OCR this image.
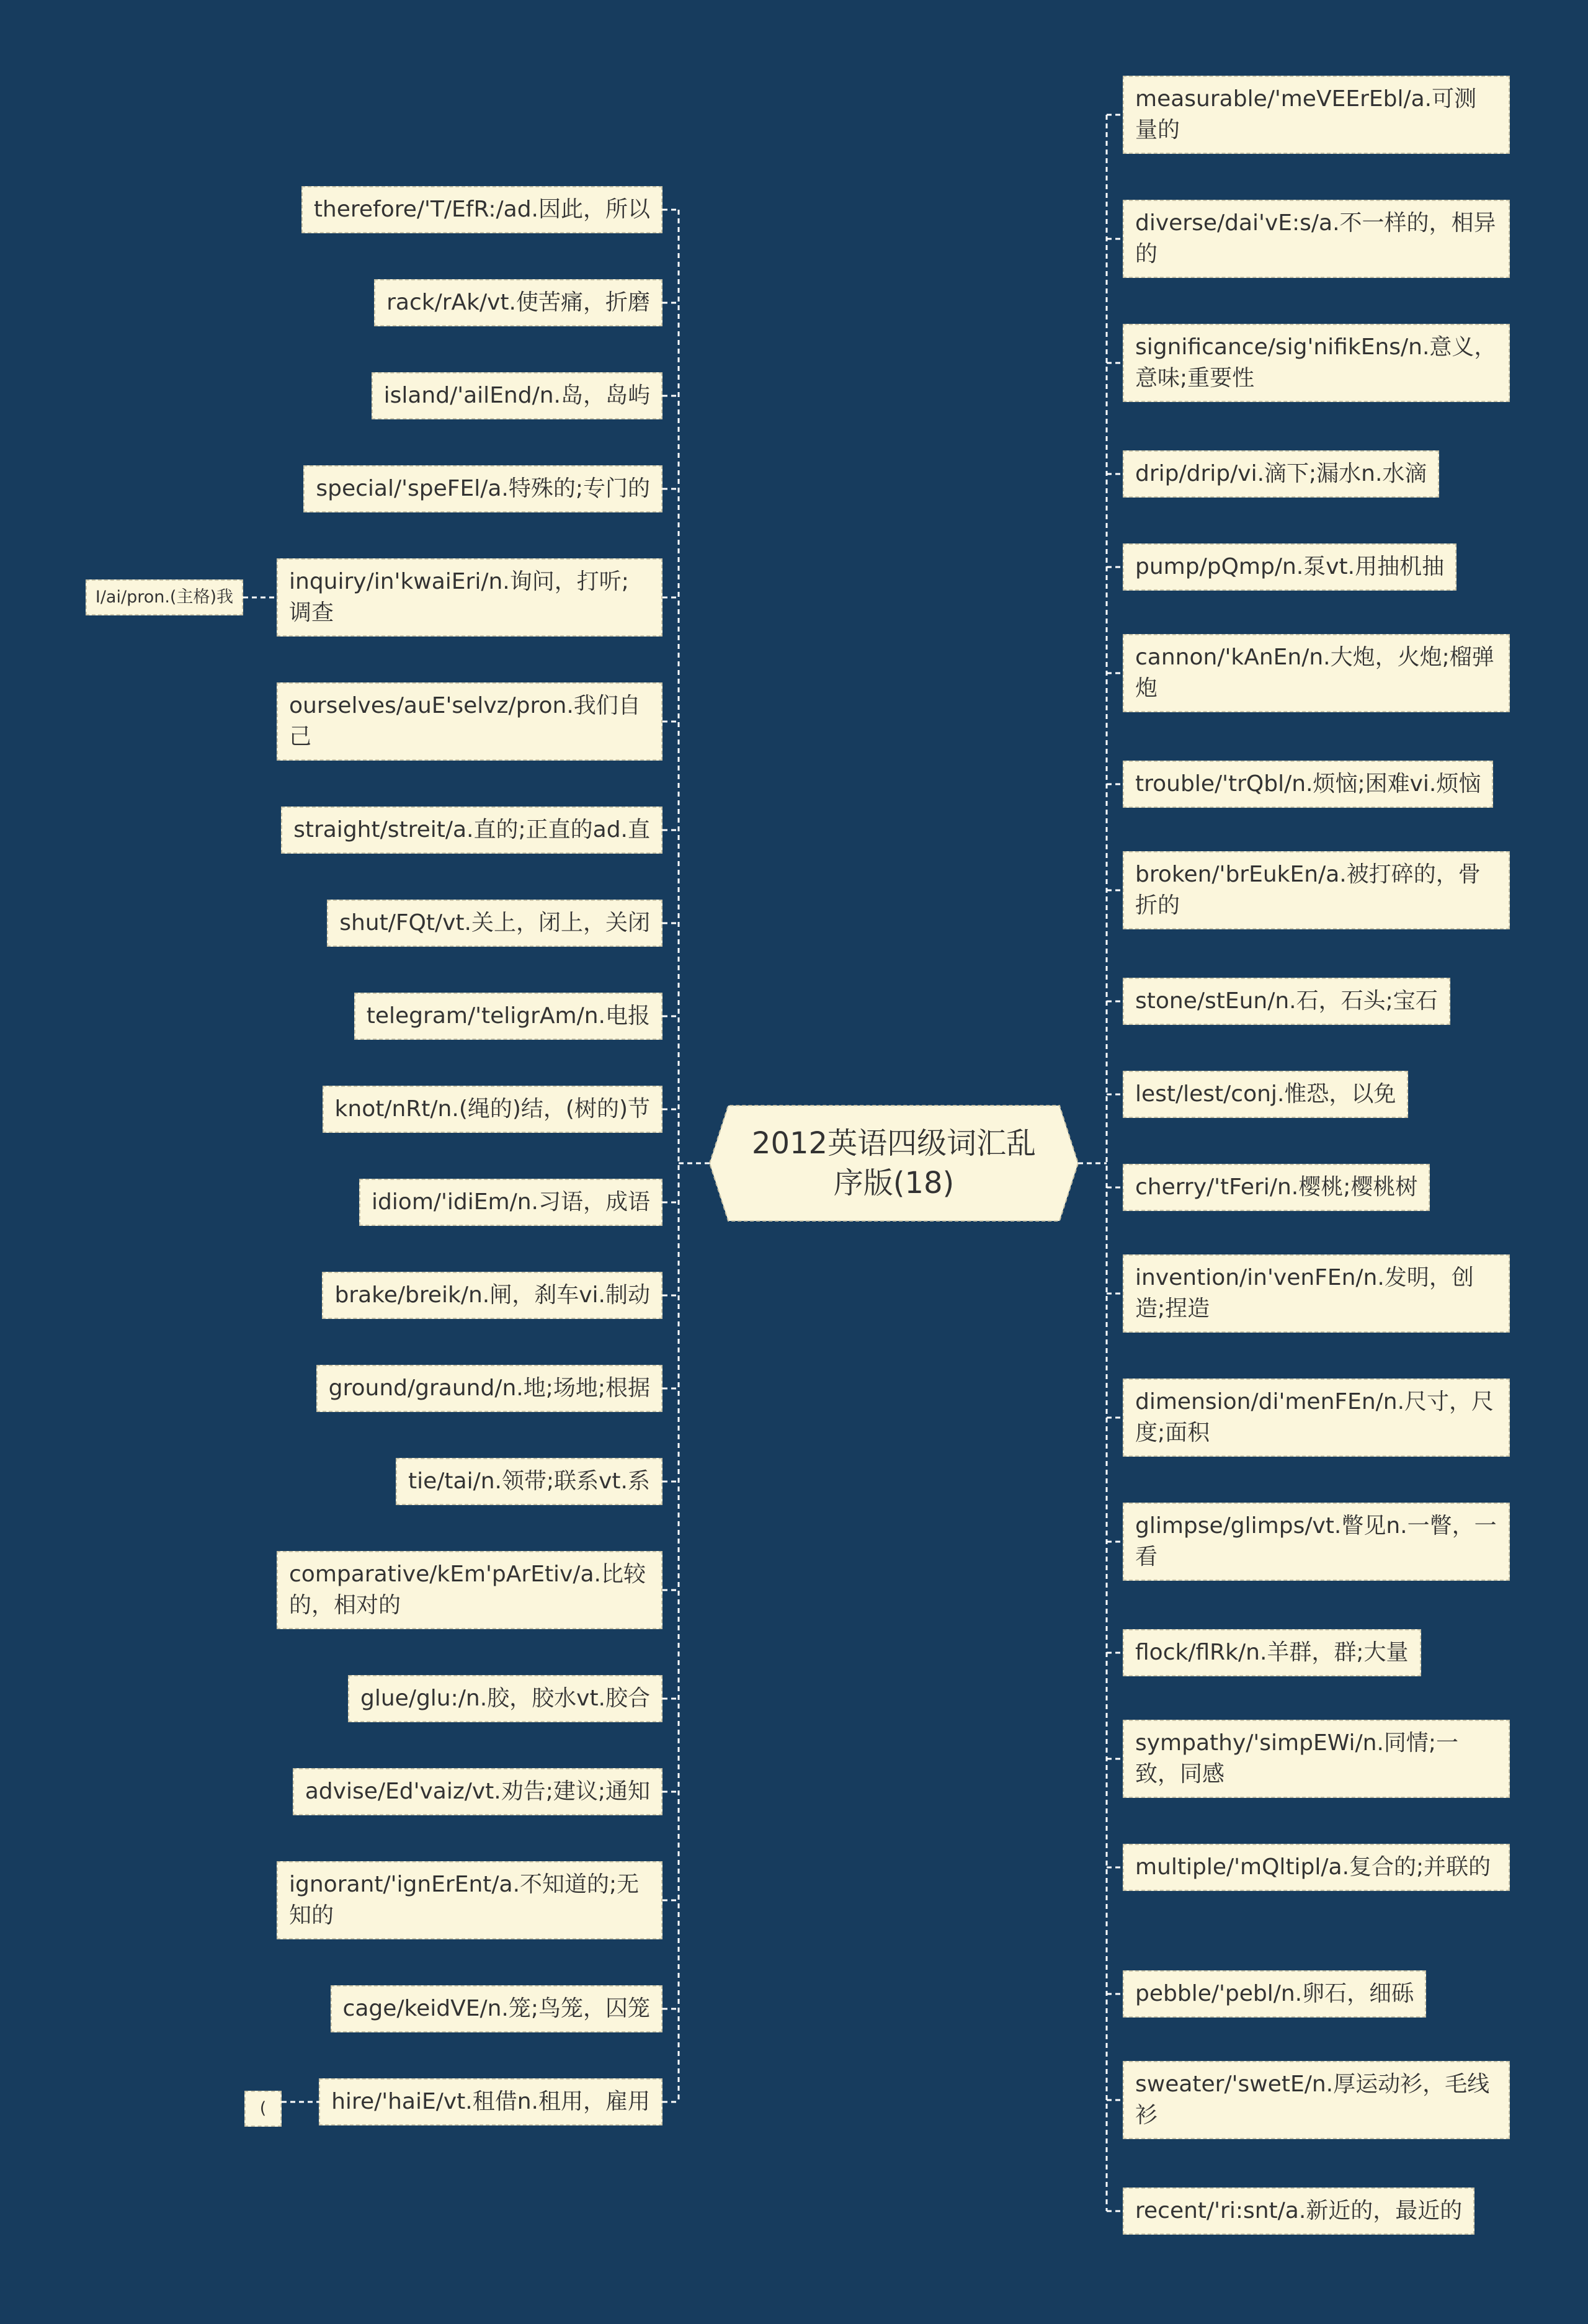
2012英语四级词汇乱序版(18)
therefore/'T/EfR:/ad.因此，所以
rack/rAk/vt.使苦痛，折磨
island/'ailEnd/n.岛，岛屿
special/'speFEl/a.特殊的;专门的
inquiry/in'kwaiEri/n.询问，打听;调查
ourselves/auE'selvz/pron.我们自己
straight/streit/a.直的;正直的ad.直
shut/FQt/vt.关上，闭上，关闭
telegram/'teligrAm/n.电报
knot/nRt/n.(绳的)结，(树的)节
idiom/'idiEm/n.习语，成语
brake/breik/n.闸，刹车vi.制动
ground/graund/n.地;场地;根据
tie/tai/n.领带;联系vt.系
comparative/kEm'pArEtiv/a.比较的，相对的
glue/glu:/n.胶，胶水vt.胶合
advise/Ed'vaiz/vt.劝告;建议;通知
ignorant/'ignErEnt/a.不知道的;无知的
cage/keidVE/n.笼;鸟笼，囚笼
hire/'haiE/vt.租借n.租用，雇用
I/ai/pron.(主格)我
(
measurable/'meVEErEbl/a.可测量的
diverse/dai'vE:s/a.不一样的，相异的
significance/sig'nifikEns/n.意义，意味;重要性
drip/drip/vi.滴下;漏水n.水滴
pump/pQmp/n.泵vt.用抽机抽
cannon/'kAnEn/n.大炮，火炮;榴弹炮
trouble/'trQbl/n.烦恼;困难vi.烦恼
broken/'brEukEn/a.被打碎的，骨折的
stone/stEun/n.石，石头;宝石
lest/lest/conj.惟恐，以免
cherry/'tFeri/n.樱桃;樱桃树
invention/in'venFEn/n.发明，创造;捏造
dimension/di'menFEn/n.尺寸，尺度;面积
glimpse/glimps/vt.瞥见n.一瞥，一看
flock/flRk/n.羊群，群;大量
sympathy/'simpEWi/n.同情;一致，同感
multiple/'mQltipl/a.复合的;并联的
pebble/'pebl/n.卵石，细砾
sweater/'swetE/n.厚运动衫，毛线衫
recent/'ri:snt/a.新近的，最近的
